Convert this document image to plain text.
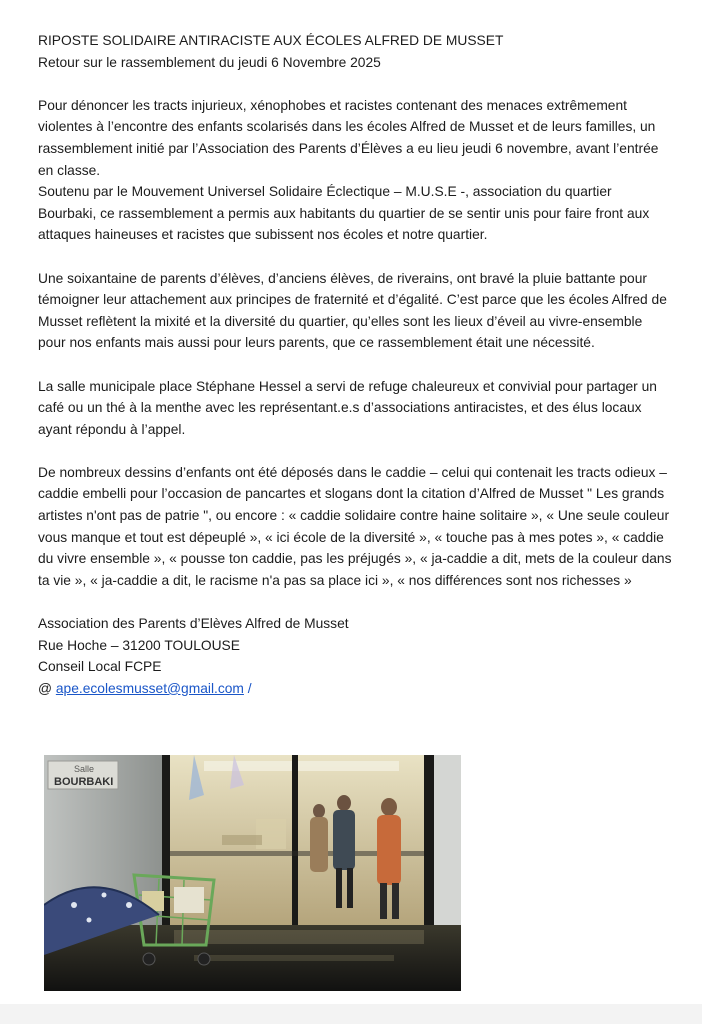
RIPOSTE SOLIDAIRE ANTIRACISTE AUX ÉCOLES ALFRED DE MUSSET

Retour sur le rassemblement du jeudi 6 Novembre 2025

Pour dénoncer les tracts injurieux, xénophobes et racistes contenant des menaces extrêmement violentes à l’encontre des enfants scolarisés dans les écoles Alfred de Musset et de leurs familles, un rassemblement initié par l’Association des Parents d’Élèves a eu lieu jeudi 6 novembre, avant l’entrée en classe.

Soutenu par le Mouvement Universel Solidaire Éclectique – M.U.S.E -, association du quartier Bourbaki, ce rassemblement a permis aux habitants du quartier de se sentir unis pour faire front aux attaques haineuses et racistes que subissent nos écoles et notre quartier.

Une soixantaine de parents d’élèves, d’anciens élèves, de riverains, ont bravé la pluie battante pour témoigner leur attachement aux principes de fraternité et d’égalité. C’est parce que les écoles Alfred de Musset reflètent la mixité et la diversité du quartier, qu’elles sont les lieux d’éveil au vivre-ensemble pour nos enfants mais aussi pour leurs parents, que ce rassemblement était une nécessité.

La salle municipale place Stéphane Hessel a servi de refuge chaleureux et convivial pour partager un café ou un thé à la menthe avec les représentant.e.s d’associations antiracistes, et des élus locaux ayant répondu à l’appel.

De nombreux dessins d’enfants ont été déposés dans le caddie – celui qui contenait les tracts odieux – caddie embelli pour l’occasion de pancartes et slogans dont la citation d’Alfred de Musset " Les grands artistes n'ont pas de patrie ", ou encore : « caddie solidaire contre haine solitaire », « Une seule couleur vous manque et tout est dépeuplé », « ici école de la diversité », « touche pas à mes potes », « caddie du vivre ensemble », « pousse ton caddie, pas les préjugés », « ja-caddie a dit, mets de la couleur dans ta vie », « ja-caddie a dit, le racisme n'a pas sa place ici », « nos différences sont nos richesses »

Association des Parents d’Elèves Alfred de Musset

Rue Hoche – 31200 TOULOUSE

Conseil Local FCPE

@ ape.ecolesmusset@gmail.com /

Salle
BOURBAKI
